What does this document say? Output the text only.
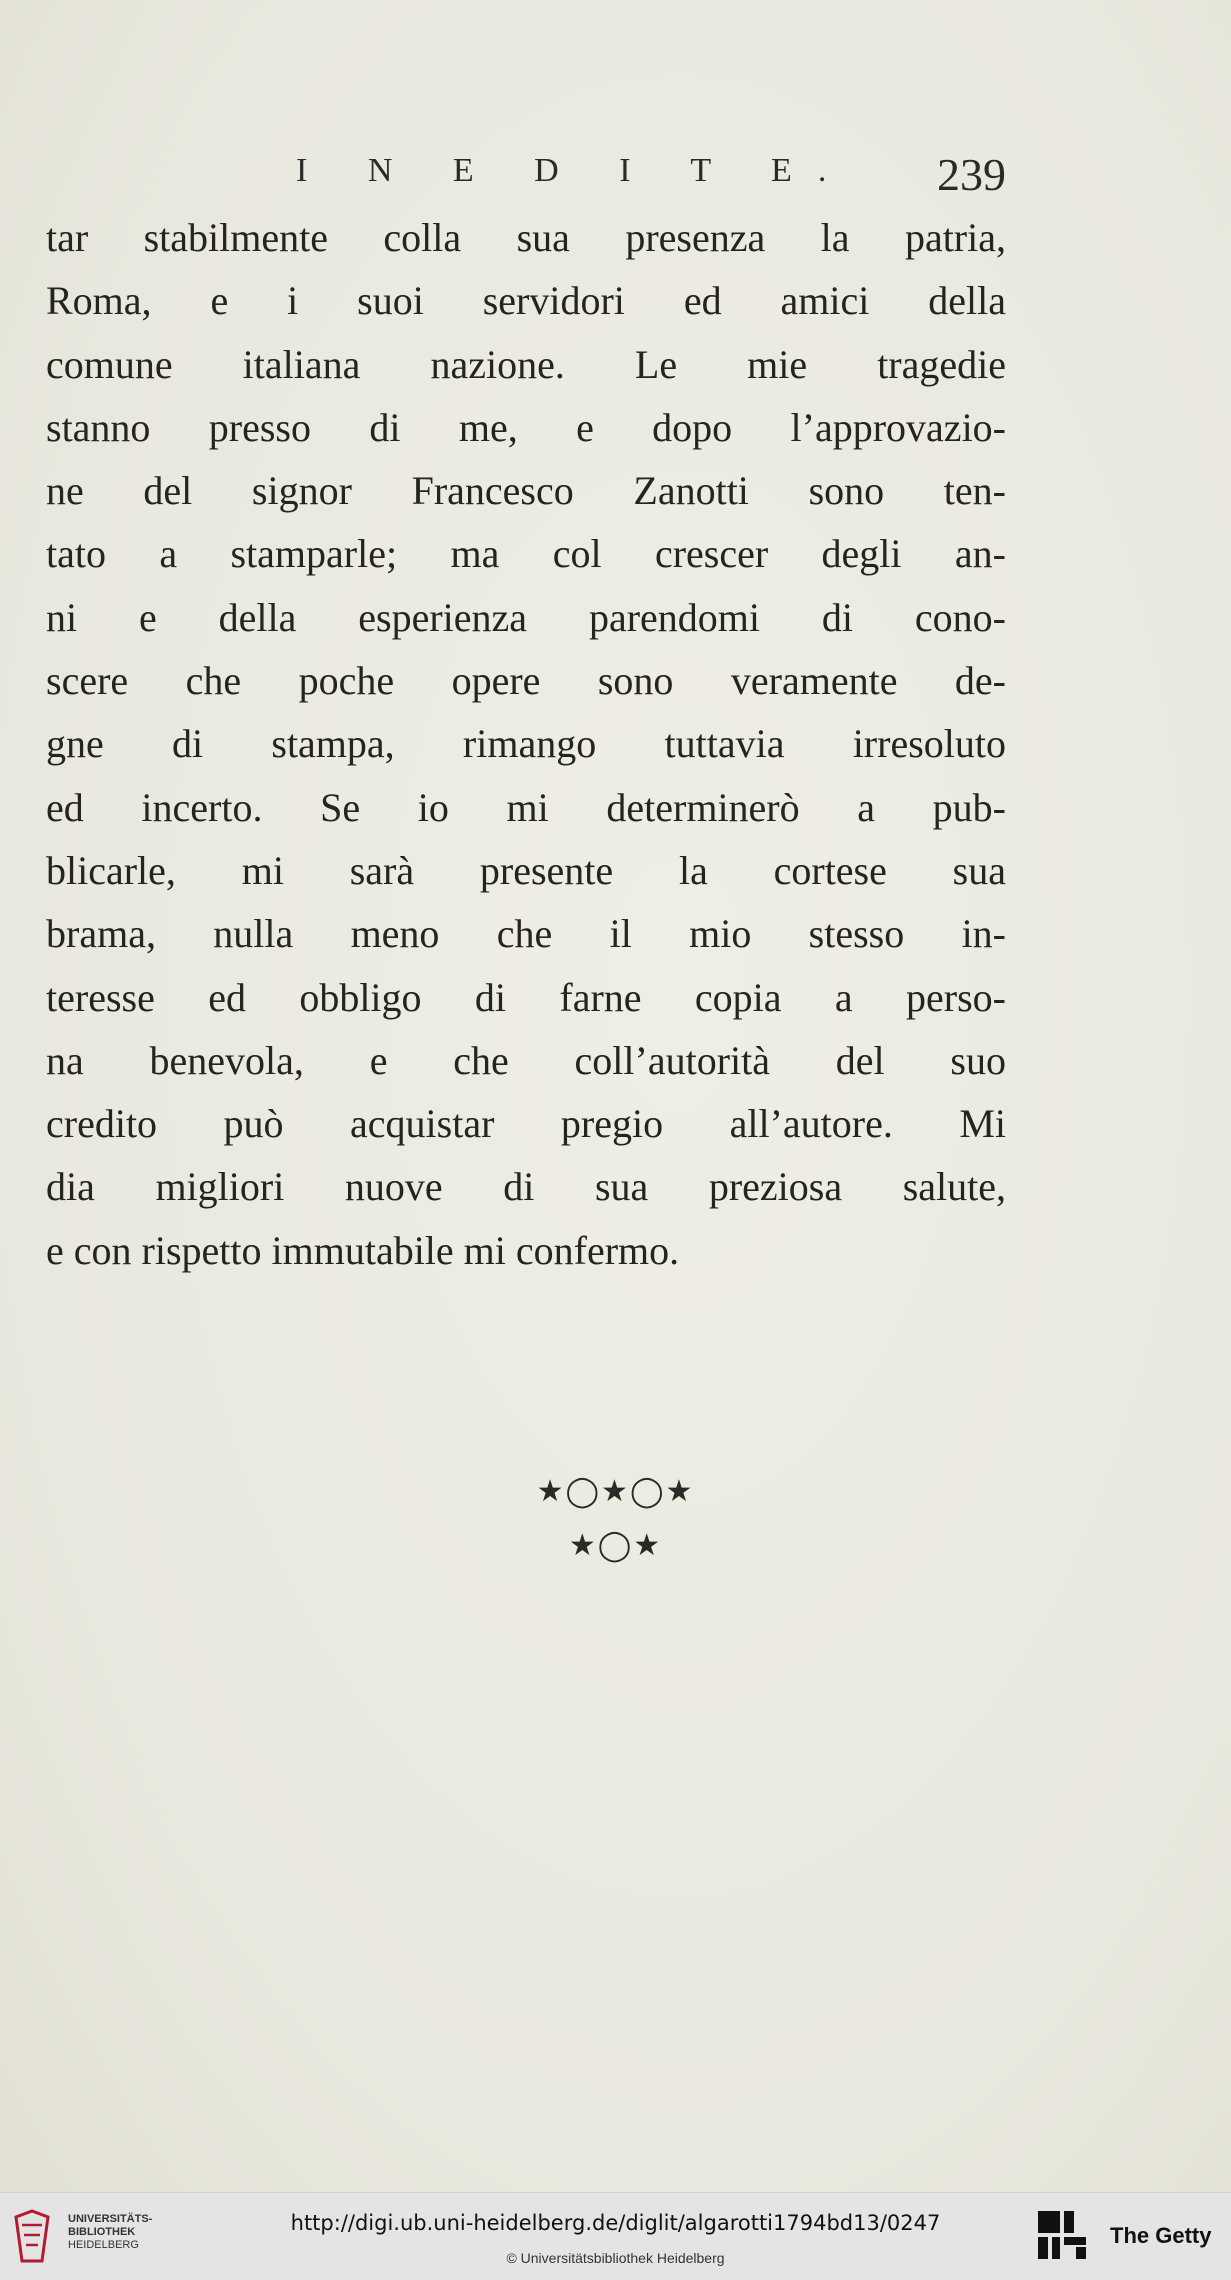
I N E D I T E. 239
tar stabilmente colla sua presenza la patria,
Roma, e i suoi servidori ed amici della
comune italiana nazione. Le mie tragedie
stanno presso di me, e dopo l’approvazio-
ne del signor Francesco Zanotti sono ten-
tato a stamparle; ma col crescer degli an-
ni e della esperienza parendomi di cono-
scere che poche opere sono veramente de-
gne di stampa, rimango tuttavia irresoluto
ed incerto. Se io mi determinerò a pub-
blicarle, mi sarà presente la cortese sua
brama, nulla meno che il mio stesso in-
teresse ed obbligo di farne copia a perso-
na benevola, e che coll’autorità del suo
credito può acquistar pregio all’autore. Mi
dia migliori nuove di sua preziosa salute,
e con rispetto immutabile mi confermo.
★◯★◯★
★◯★
UNIVERSITÄTS-
BIBLIOTHEK
HEIDELBERG
http://digi.ub.uni-heidelberg.de/diglit/algarotti1794bd13/0247
© Universitätsbibliothek Heidelberg
The Getty
